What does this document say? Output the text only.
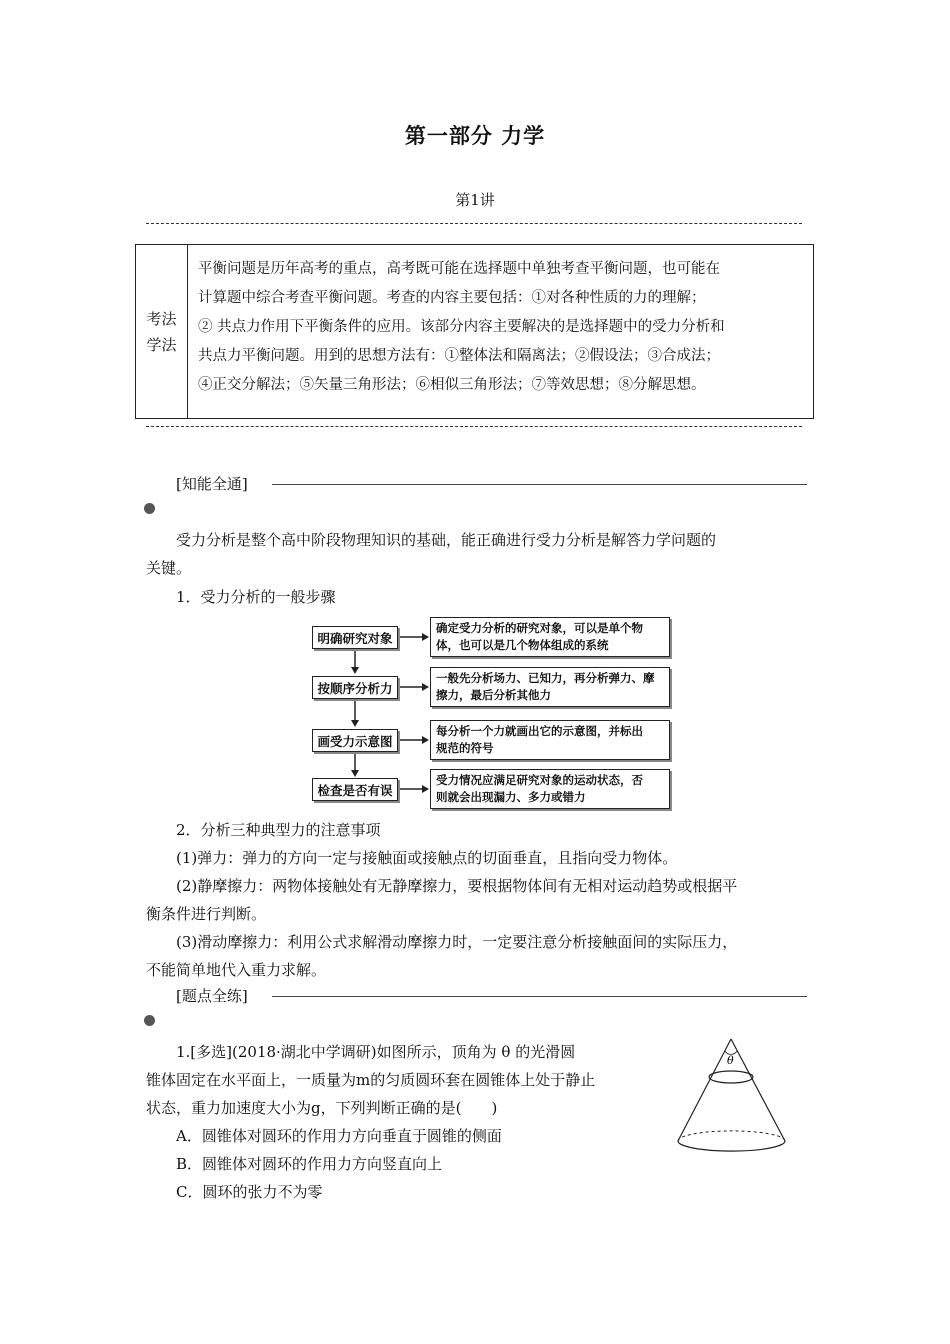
第一部分 力学
第1讲
考法
学法
平衡问题是历年高考的重点，高考既可能在选择题中单独考查平衡问题，也可能在
计算题中综合考查平衡问题。考查的内容主要包括：①对各种性质的力的理解；
② 共点力作用下平衡条件的应用。该部分内容主要解决的是选择题中的受力分析和
共点力平衡问题。用到的思想方法有：①整体法和隔离法；②假设法；③合成法；
④正交分解法；⑤矢量三角形法；⑥相似三角形法；⑦等效思想；⑧分解思想。
[知能全通]
受力分析是整个高中阶段物理知识的基础，能正确进行受力分析是解答力学问题的
关键。
1．受力分析的一般步骤
明确研究对象
确定受力分析的研究对象，可以是单个物
体，也可以是几个物体组成的系统
按顺序分析力
一般先分析场力、已知力，再分析弹力、摩
擦力，最后分析其他力
画受力示意图
每分析一个力就画出它的示意图，并标出
规范的符号
检查是否有误
受力情况应满足研究对象的运动状态，否
则就会出现漏力、多力或错力
2．分析三种典型力的注意事项
(1)弹力：弹力的方向一定与接触面或接触点的切面垂直，且指向受力物体。
(2)静摩擦力：两物体接触处有无静摩擦力，要根据物体间有无相对运动趋势或根据平
衡条件进行判断。
(3)滑动摩擦力：利用公式求解滑动摩擦力时，一定要注意分析接触面间的实际压力，
不能简单地代入重力求解。
[题点全练]
1.[多选](2018·湖北中学调研)如图所示，顶角为 θ 的光滑圆
锥体固定在水平面上，一质量为m的匀质圆环套在圆锥体上处于静止
状态，重力加速度大小为g，下列判断正确的是(　　)
A．圆锥体对圆环的作用力方向垂直于圆锥的侧面
B．圆锥体对圆环的作用力方向竖直向上
C．圆环的张力不为零
θ
